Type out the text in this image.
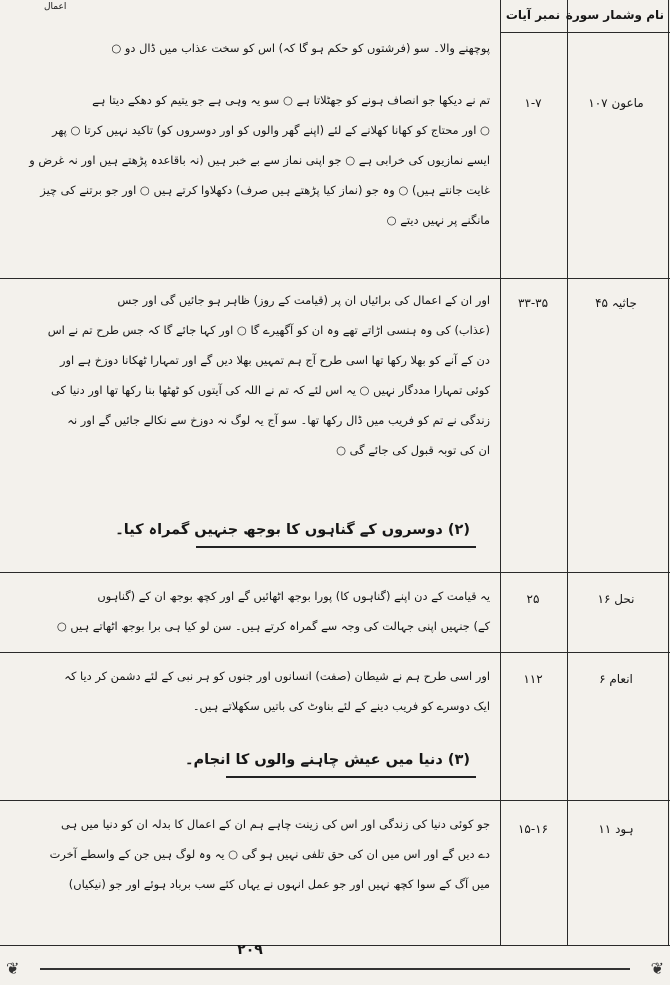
اعمال
نام وشمار سورة
نمبر آیات
ماعون ۱۰۷
۱-۷
جاثیہ ۴۵
۳۳-۳۵
نحل ۱۶
۲۵
انعام ۶
۱۱۲
ہود ۱۱
۱۵-۱۶
پوچھنے والا۔ سو (فرشتوں کو حکم ہو گا کہ) اس کو سخت عذاب میں ڈال دو ○
تم نے دیکھا جو انصاف ہونے کو جھٹلاتا ہے ○ سو یہ وہی ہے جو یتیم کو دھکے دیتا ہے
○ اور محتاج کو کھانا کھلانے کے لئے (اپنے گھر والوں کو اور دوسروں کو) تاکید نہیں کرتا ○ پھر
ایسے نمازیوں کی خرابی ہے ○ جو اپنی نماز سے بے خبر ہیں (نہ باقاعدہ پڑھتے ہیں اور نہ غرض و
غایت جانتے ہیں) ○ وہ جو (نماز کیا پڑھتے ہیں صرف) دکھلاوا کرتے ہیں ○ اور جو برتنے کی چیز
مانگنے پر نہیں دیتے ○
اور ان کے اعمال کی برائیاں ان پر (قیامت کے روز) ظاہر ہو جائیں گی اور جس
(عذاب) کی وہ ہنسی اڑاتے تھے وہ ان کو آگھیرے گا ○ اور کہا جائے گا کہ جس طرح تم نے اس
دن کے آنے کو بھلا رکھا تھا اسی طرح آج ہم تمہیں بھلا دیں گے اور تمہارا ٹھکانا دوزخ ہے اور
کوئی تمہارا مددگار نہیں ○ یہ اس لئے کہ تم نے اللہ کی آیتوں کو ٹھٹھا بنا رکھا تھا اور دنیا کی
زندگی نے تم کو فریب میں ڈال رکھا تھا۔ سو آج یہ لوگ نہ دوزخ سے نکالے جائیں گے اور نہ
ان کی توبہ قبول کی جائے گی ○
(۲) دوسروں کے گناہوں کا بوجھ جنہیں گمراہ کیا۔
یہ قیامت کے دن اپنے (گناہوں کا) پورا بوجھ اٹھائیں گے اور کچھ بوجھ ان کے (گناہوں
کے) جنہیں اپنی جہالت کی وجہ سے گمراہ کرتے ہیں۔ سن لو کیا ہی برا بوجھ اٹھاتے ہیں ○
اور اسی طرح ہم نے شیطان (صفت) انسانوں اور جنوں کو ہر نبی کے لئے دشمن کر دیا کہ
ایک دوسرے کو فریب دینے کے لئے بناوٹ کی باتیں سکھلاتے ہیں۔
(۳) دنیا میں عیش چاہنے والوں کا انجام۔
جو کوئی دنیا کی زندگی اور اس کی زینت چاہے ہم ان کے اعمال کا بدلہ ان کو دنیا میں ہی
دے دیں گے اور اس میں ان کی حق تلفی نہیں ہو گی ○ یہ وہ لوگ ہیں جن کے واسطے آخرت
میں آگ کے سوا کچھ نہیں اور جو عمل انہوں نے یہاں کئے سب برباد ہوئے اور جو (نیکیاں)
۲۰۹
❦	❦
